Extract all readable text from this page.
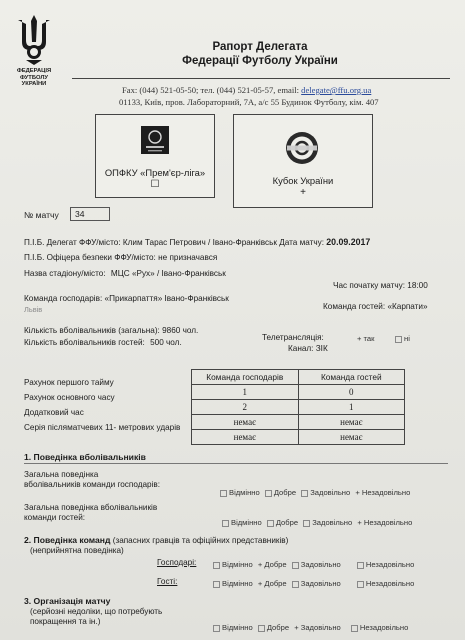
ФЕДЕРАЦІЯ
ФУТБОЛУ
УКРАЇНИ
Рапорт Делегата
Федерації Футболу України
Fax: (044) 521-05-50; тел. (044) 521-05-57, email: delegate@ffu.org.ua
01133, Київ, пров. Лабораторний, 7А, а/с 55 Будинок Футболу, кім. 407
ОПФКУ «Прем'єр-ліга»
☐	Кубок України
+
№ матчу	34
П.І.Б. Делегат ФФУ/місто: Клим Тарас Петрович / Івано-Франківськ Дата матчу: 20.09.2017
П.І.Б. Офіцера безпеки ФФУ/місто: не призначався
Назва стадіону/місто: МЦС «Рух» / Івано-Франківськ
Час початку матчу: 18:00
Команда господарів: «Прикарпаття» Івано-Франківськ
Львів	Команда гостей: «Карпати»
Кількість вболівальників (загальна): 9860 чол.
Кількість вболівальників гостей: 500 чол.
Телетрансляція:	+ так	ні
Канал: ЗІК
Рахунок першого тайму
Рахунок основного часу
Додатковий час
Серія післяматчевих 11- метрових ударів
Команда господарів	Команда гостей
1	0
2	1
немає	немає
немає	немає
1. Поведінка вболівальників
Загальна поведінка
вболівальників команди господарів:
Відмінно Добре Задовільно + Незадовільно
Загальна поведінка вболівальників
команди гостей:
Відмінно Добре Задовільно + Незадовільно
2. Поведінка команд (запасних гравців та офіційних представників)
(неприйнятна поведінка)
Господарі:	Відмінно + Добре Задовільно	Незадовільно
Гості:	Відмінно + Добре Задовільно	Незадовільно
3. Організація матчу
(серйозні недоліки, що потребують
покращення та ін.)
Відмінно Добре + Задовільно	Незадовільно
